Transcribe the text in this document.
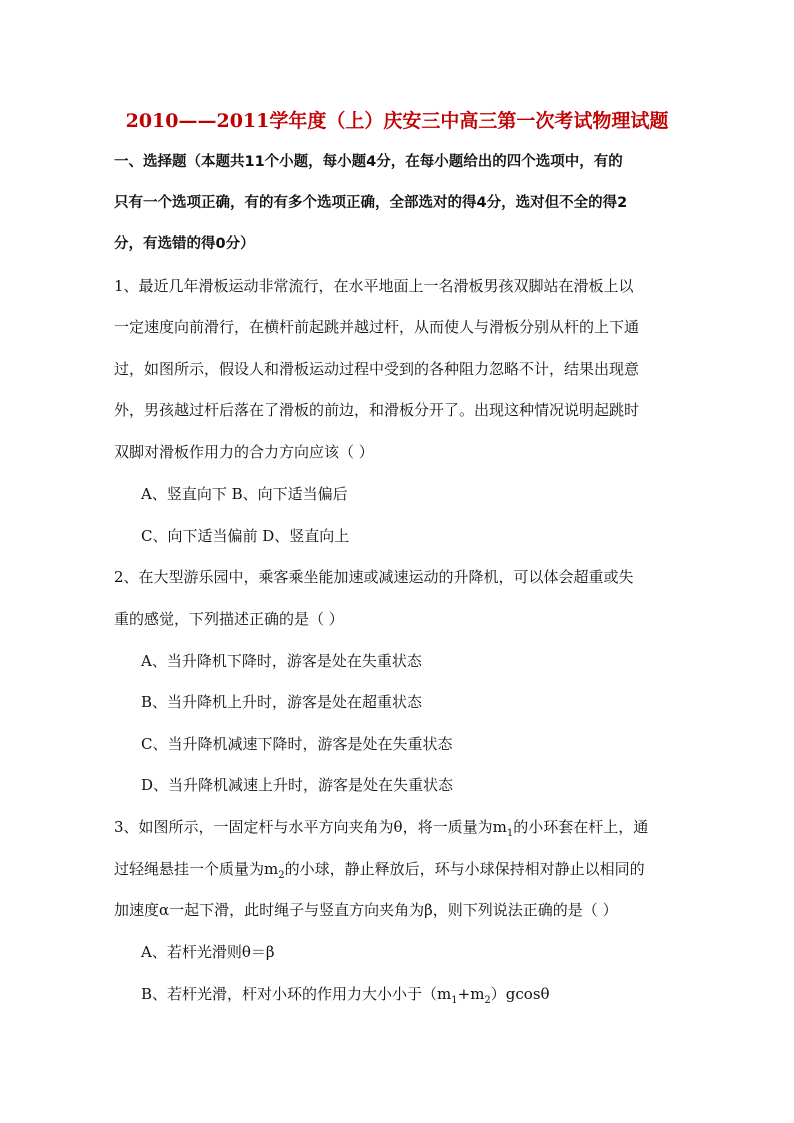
2010——2011学年度（上）庆安三中高三第一次考试物理试题
一、选择题（本题共11个小题，每小题4分，在每小题给出的四个选项中，有的
只有一个选项正确，有的有多个选项正确，全部选对的得4分，选对但不全的得2
分，有选错的得0分）
1、最近几年滑板运动非常流行，在水平地面上一名滑板男孩双脚站在滑板上以
一定速度向前滑行，在横杆前起跳并越过杆，从而使人与滑板分别从杆的上下通
过，如图所示，假设人和滑板运动过程中受到的各种阻力忽略不计，结果出现意
外，男孩越过杆后落在了滑板的前边，和滑板分开了。出现这种情况说明起跳时
双脚对滑板作用力的合力方向应该（ ）
A、竖直向下 B、向下适当偏后
C、向下适当偏前 D、竖直向上
2、在大型游乐园中，乘客乘坐能加速或减速运动的升降机，可以体会超重或失
重的感觉，下列描述正确的是（ ）
A、当升降机下降时，游客是处在失重状态
B、当升降机上升时，游客是处在超重状态
C、当升降机减速下降时，游客是处在失重状态
D、当升降机减速上升时，游客是处在失重状态
3、如图所示，一固定杆与水平方向夹角为θ，将一质量为$m_1$的小环套在杆上，通
过轻绳悬挂一个质量为$m_2$的小球，静止释放后，环与小球保持相对静止以相同的
加速度α一起下滑，此时绳子与竖直方向夹角为β，则下列说法正确的是（ ）
A、若杆光滑则θ＝β
B、若杆光滑，杆对小环的作用力大小小于$(m_1+m_2)gcos\theta$
